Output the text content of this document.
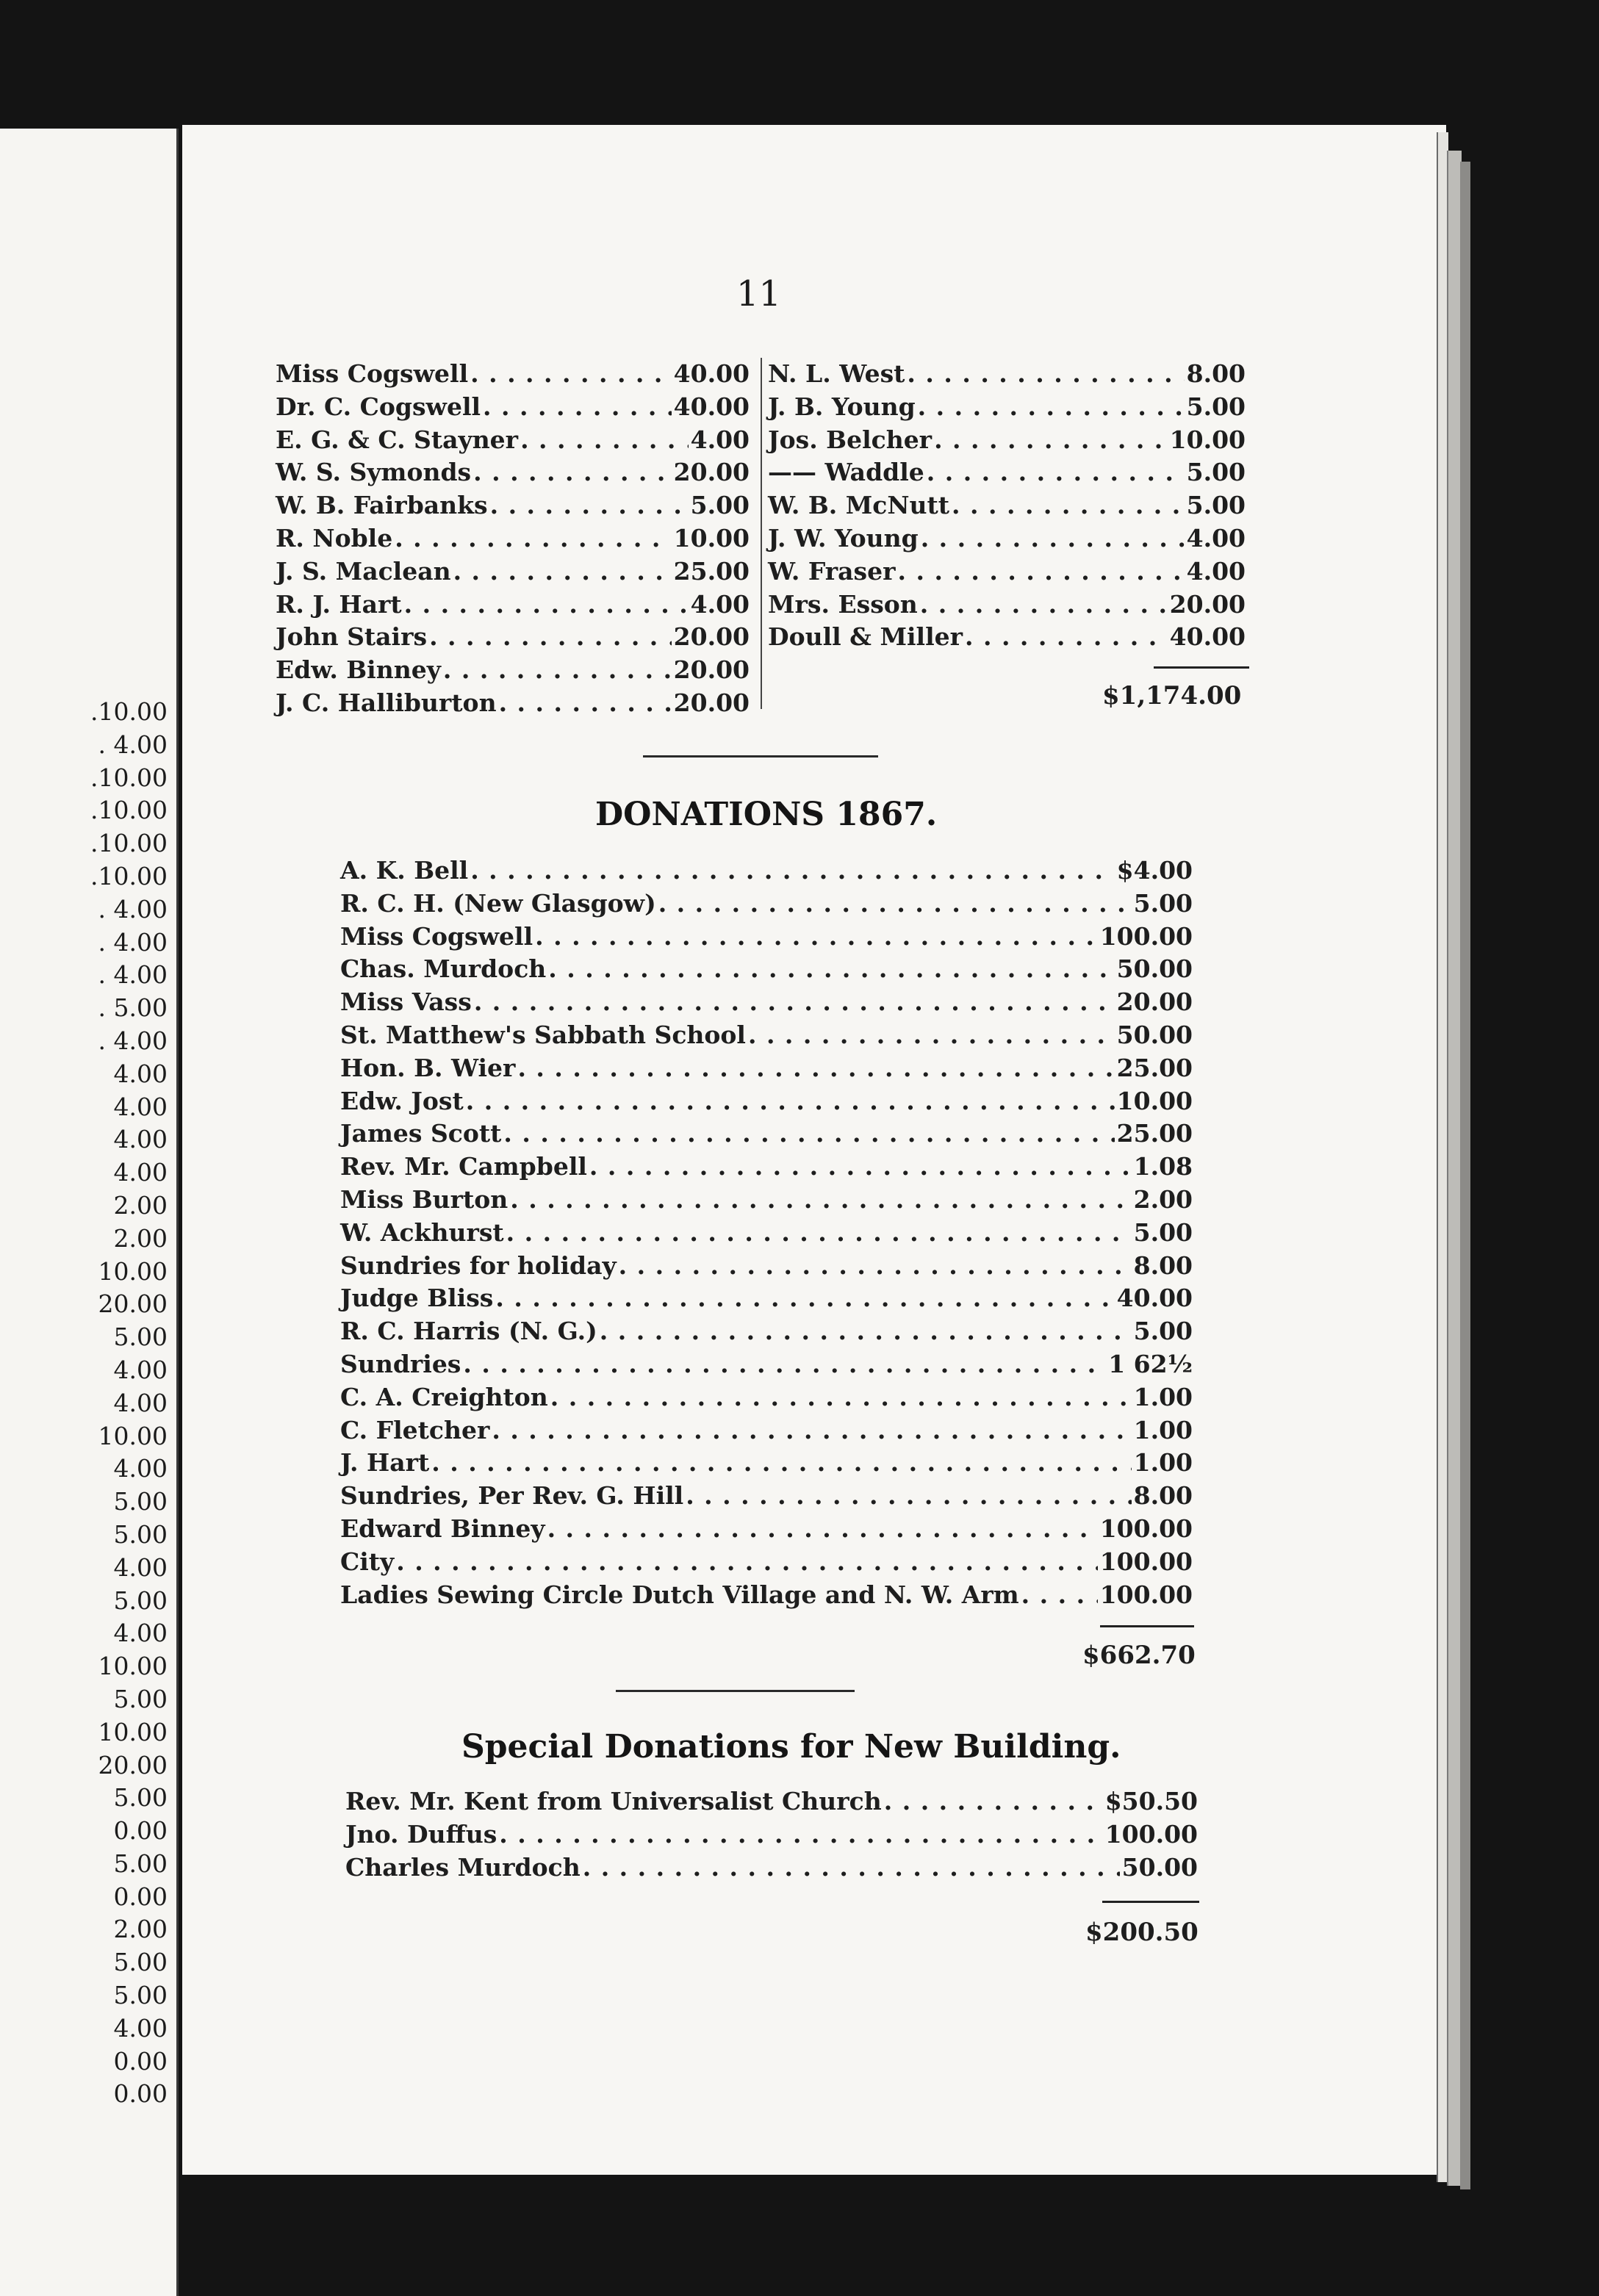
.10.00
. 4.00
.10.00
.10.00
.10.00
.10.00
. 4.00
. 4.00
. 4.00
. 5.00
. 4.00
4.00
4.00
4.00
4.00
2.00
2.00
10.00
20.00
5.00
4.00
4.00
10.00
4.00
5.00
5.00
4.00
5.00
4.00
10.00
5.00
10.00
20.00
5.00
0.00
5.00
0.00
2.00
5.00
5.00
4.00
0.00
0.00
11
Miss Cogswell . . .	40.00
Dr. C. Cogswell . . .	40.00
E. G. & C. Stayner . . .	4.00
W. S. Symonds . . .	20.00
W. B. Fairbanks . . .	5.00
R. Noble . . .	10.00
J. S. Maclean . . .	25.00
R. J. Hart . . .	4.00
John Stairs . . .	20.00
Edw. Binney . . .	20.00
J. C. Halliburton . . .	20.00
N. L. West . . .	8.00
J. B. Young . . .	5.00
Jos. Belcher . . .	10.00
—— Waddle . . .	5.00
W. B. McNutt . . .	5.00
J. W. Young . . .	4.00
W. Fraser . . .	4.00
Mrs. Esson . . .	20.00
Doull & Miller . . .	40.00
$1,174.00
DONATIONS 1867.
A. K. Bell . . .	$4.00
R. C. H. (New Glasgow) . . .	5.00
Miss Cogswell . . .	100.00
Chas. Murdoch . . .	50.00
Miss Vass . . .	20.00
St. Matthew's Sabbath School . . .	50.00
Hon. B. Wier . . .	25.00
Edw. Jost . . .	10.00
James Scott . . .	25.00
Rev. Mr. Campbell . . .	1.08
Miss Burton . . .	2.00
W. Ackhurst . . .	5.00
Sundries for holiday . . .	8.00
Judge Bliss . . .	40.00
R. C. Harris (N. G.) . . .	5.00
Sundries . . .	1 62½
C. A. Creighton . . .	1.00
C. Fletcher . . .	1.00
J. Hart . . .	1.00
Sundries, Per Rev. G. Hill . . .	8.00
Edward Binney . . .	100.00
City . . .	100.00
Ladies Sewing Circle Dutch Village and N. W. Arm . . .	100.00
$662.70
Special Donations for New Building.
Rev. Mr. Kent from Universalist Church . . .	$50.50
Jno. Duffus . . .	100.00
Charles Murdoch . . .	50.00
$200.50
